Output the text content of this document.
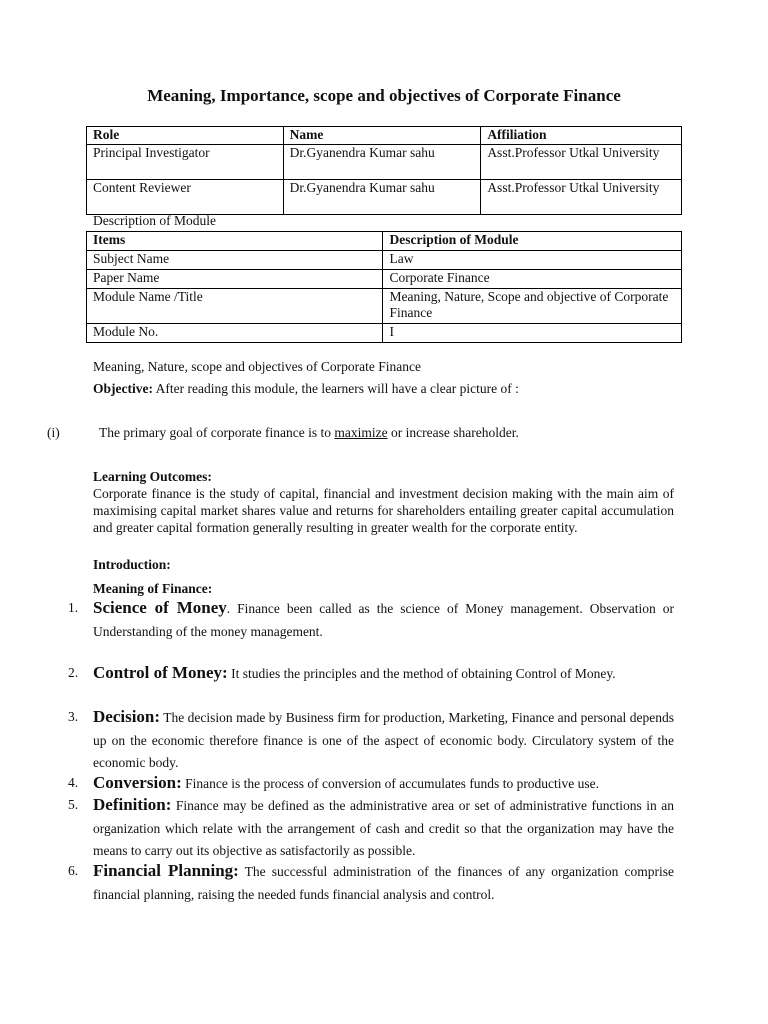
Meaning, Importance, scope and objectives of Corporate Finance
Role	Name	Affiliation
Principal Investigator	Dr.Gyanendra Kumar sahu	Asst.Professor Utkal University
Content Reviewer	Dr.Gyanendra Kumar sahu	Asst.Professor Utkal University
Description of Module
Items	Description of Module
Subject Name	Law
Paper Name	Corporate Finance
Module Name /Title	Meaning, Nature, Scope and objective of Corporate Finance
Module No.	I
Meaning, Nature, scope and objectives of Corporate Finance
Objective: After reading this module, the learners will have a clear picture of :
(i)	The primary goal of corporate finance is to maximize or increase shareholder.
Learning Outcomes:
Corporate finance is the study of capital, financial and investment decision making with the main aim of maximising capital market shares value and returns for shareholders entailing greater capital accumulation and greater capital formation generally resulting in greater wealth for the corporate entity.
Introduction:
Meaning of Finance:
1. Science of Money. Finance been called as the science of Money management. Observation or Understanding of the money management.
2. Control of Money: It studies the principles and the method of obtaining Control of Money.
3. Decision: The decision made by Business firm for production, Marketing, Finance and personal depends up on the economic therefore finance is one of the aspect of economic body. Circulatory system of the economic body.
4. Conversion: Finance is the process of conversion of accumulates funds to productive use.
5. Definition: Finance may be defined as the administrative area or set of administrative functions in an organization which relate with the arrangement of cash and credit so that the organization may have the means to carry out its objective as satisfactorily as possible.
6. Financial Planning: The successful administration of the finances of any organization comprise financial planning, raising the needed funds financial analysis and control.
